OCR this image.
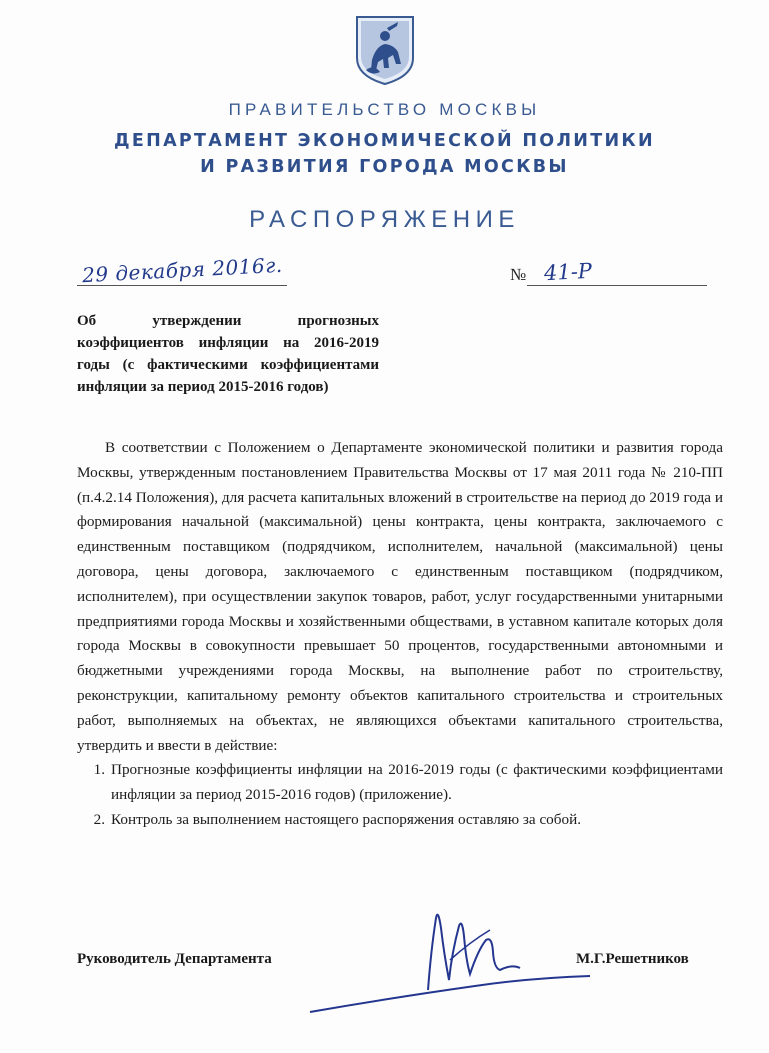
ПРАВИТЕЛЬСТВО МОСКВЫ
ДЕПАРТАМЕНТ ЭКОНОМИЧЕСКОЙ ПОЛИТИКИ
И РАЗВИТИЯ ГОРОДА МОСКВЫ
РАСПОРЯЖЕНИЕ
29 декабря 2016г.	№ 41-Р
Об утверждении прогнозных коэффициентов инфляции на 2016-2019 годы (с фактическими коэффициентами инфляции за период 2015-2016 годов)

В соответствии с Положением о Департаменте экономической политики и развития города Москвы, утвержденным постановлением Правительства Москвы от 17 мая 2011 года № 210-ПП (п.4.2.14 Положения), для расчета капитальных вложений в строительстве на период до 2019 года и формирования начальной (максимальной) цены контракта, цены контракта, заключаемого с единственным поставщиком (подрядчиком, исполнителем, начальной (максимальной) цены договора, цены договора, заключаемого с единственным поставщиком (подрядчиком, исполнителем), при осуществлении закупок товаров, работ, услуг государственными унитарными предприятиями города Москвы и хозяйственными обществами, в уставном капитале которых доля города Москвы в совокупности превышает 50 процентов, государственными автономными и бюджетными учреждениями города Москвы, на выполнение работ по строительству, реконструкции, капитальному ремонту объектов капитального строительства и строительных работ, выполняемых на объектах, не являющихся объектами капитального строительства, утвердить и ввести в действие:

1. Прогнозные коэффициенты инфляции на 2016-2019 годы (с фактическими коэффициентами инфляции за период 2015-2016 годов) (приложение).
2. Контроль за выполнением настоящего распоряжения оставляю за собой.
Руководитель Департамента	М.Г.Решетников
